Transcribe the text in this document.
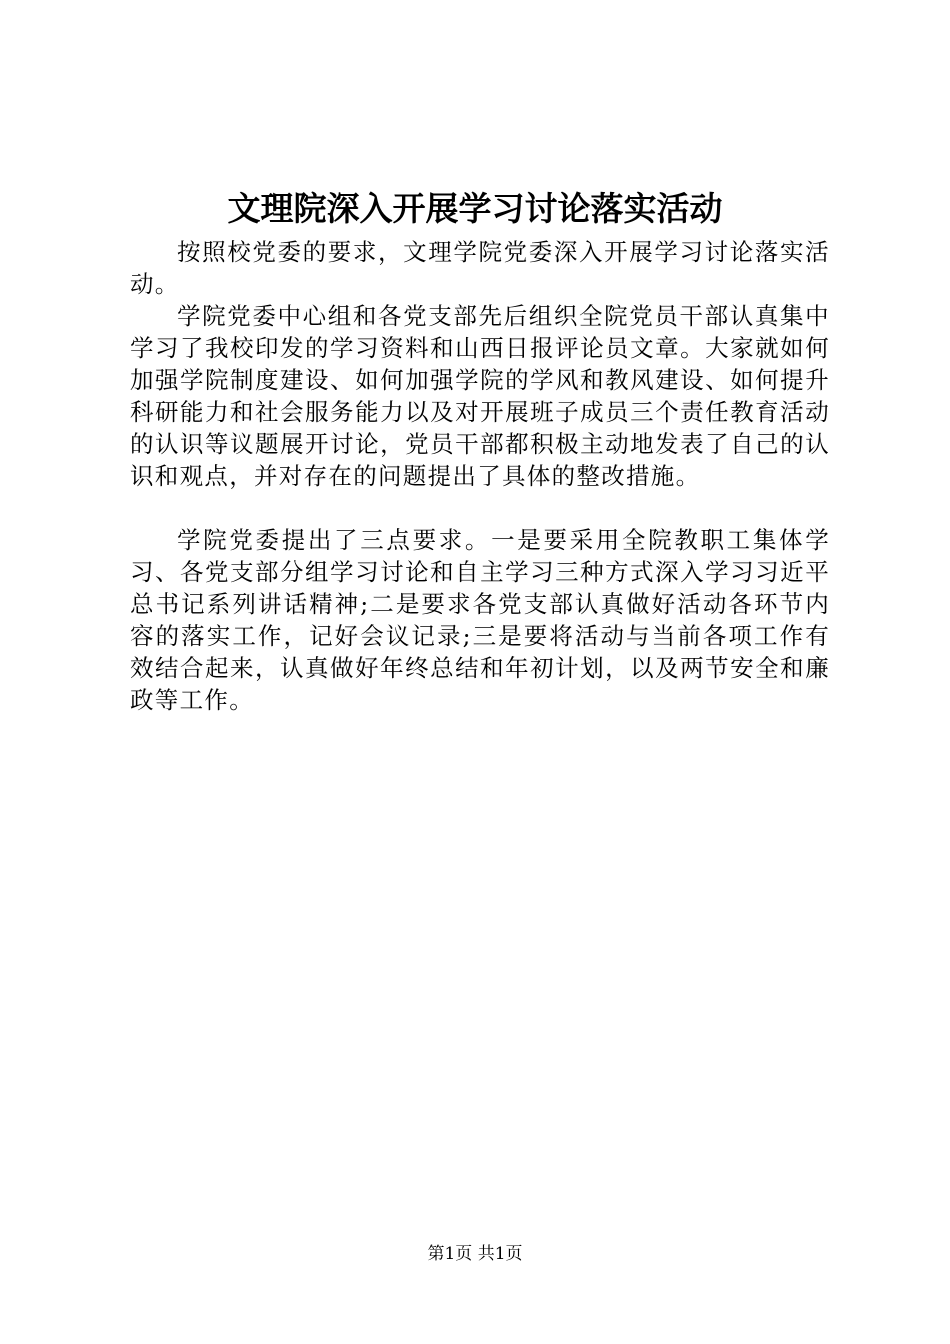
文理院深入开展学习讨论落实活动

按照校党委的要求，文理学院党委深入开展学习讨论落实活动。

学院党委中心组和各党支部先后组织全院党员干部认真集中学习了我校印发的学习资料和山西日报评论员文章。大家就如何加强学院制度建设、如何加强学院的学风和教风建设、如何提升科研能力和社会服务能力以及对开展班子成员三个责任教育活动的认识等议题展开讨论，党员干部都积极主动地发表了自己的认识和观点，并对存在的问题提出了具体的整改措施。

学院党委提出了三点要求。一是要采用全院教职工集体学习、各党支部分组学习讨论和自主学习三种方式深入学习习近平总书记系列讲话精神;二是要求各党支部认真做好活动各环节内容的落实工作，记好会议记录;三是要将活动与当前各项工作有效结合起来，认真做好年终总结和年初计划，以及两节安全和廉政等工作。

第1页 共1页
